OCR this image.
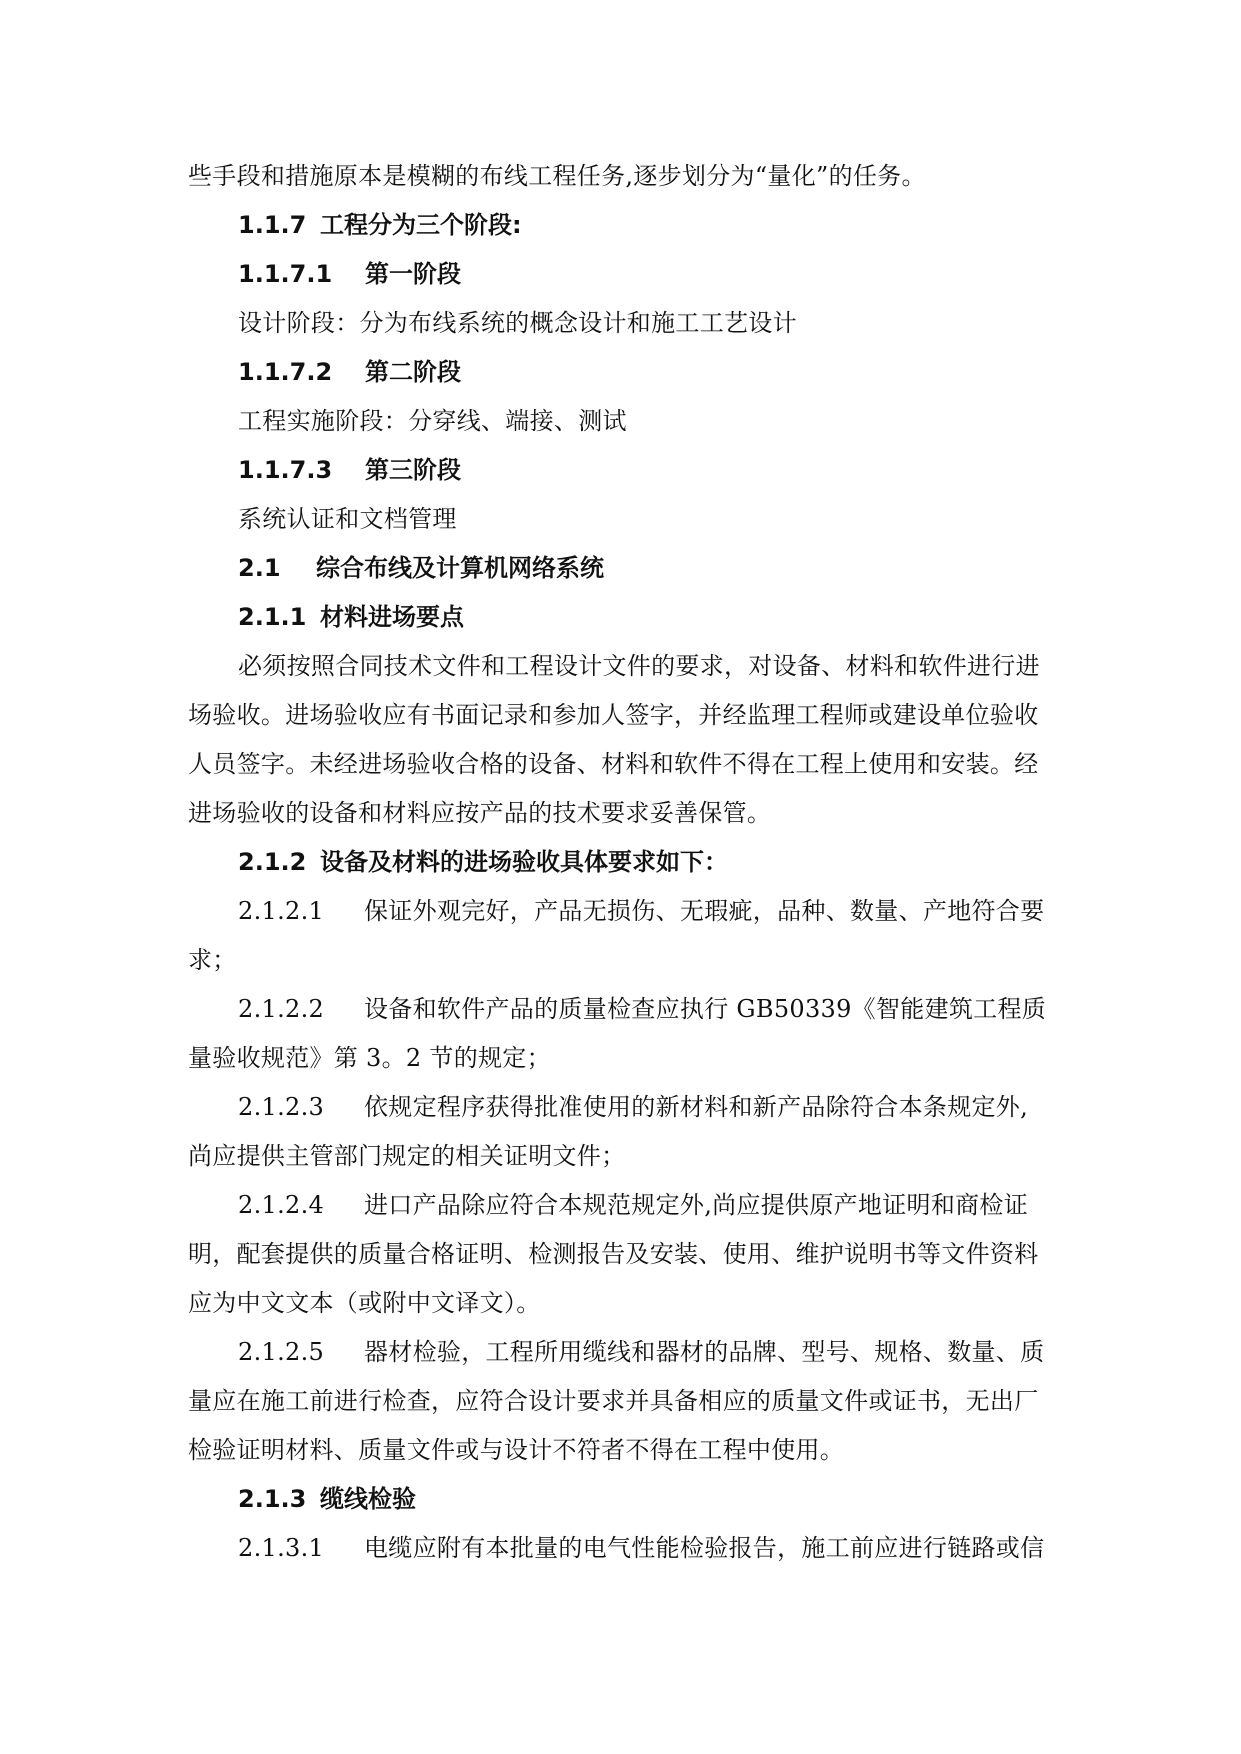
些手段和措施原本是模糊的布线工程任务,逐步划分为“量化”的任务。

1.1.7 工程分为三个阶段:

1.1.7.1 第一阶段

设计阶段：分为布线系统的概念设计和施工工艺设计

1.1.7.2 第二阶段

工程实施阶段：分穿线、端接、测试

1.1.7.3 第三阶段

系统认证和文档管理

2.1 综合布线及计算机网络系统

2.1.1 材料进场要点

必须按照合同技术文件和工程设计文件的要求，对设备、材料和软件进行进
场验收。进场验收应有书面记录和参加人签字，并经监理工程师或建设单位验收
人员签字。未经进场验收合格的设备、材料和软件不得在工程上使用和安装。经
进场验收的设备和材料应按产品的技术要求妥善保管。

2.1.2 设备及材料的进场验收具体要求如下：

2.1.2.1 保证外观完好，产品无损伤、无瑕疵，品种、数量、产地符合要

求；

2.1.2.2 设备和软件产品的质量检查应执行 GB50339《智能建筑工程质

量验收规范》第 3。2 节的规定；

2.1.2.3 依规定程序获得批准使用的新材料和新产品除符合本条规定外,

尚应提供主管部门规定的相关证明文件；

2.1.2.4 进口产品除应符合本规范规定外,尚应提供原产地证明和商检证

明，配套提供的质量合格证明、检测报告及安装、使用、维护说明书等文件资料

应为中文文本（或附中文译文）。

2.1.2.5 器材检验，工程所用缆线和器材的品牌、型号、规格、数量、质

量应在施工前进行检查，应符合设计要求并具备相应的质量文件或证书，无出厂

检验证明材料、质量文件或与设计不符者不得在工程中使用。

2.1.3 缆线检验

2.1.3.1 电缆应附有本批量的电气性能检验报告，施工前应进行链路或信
